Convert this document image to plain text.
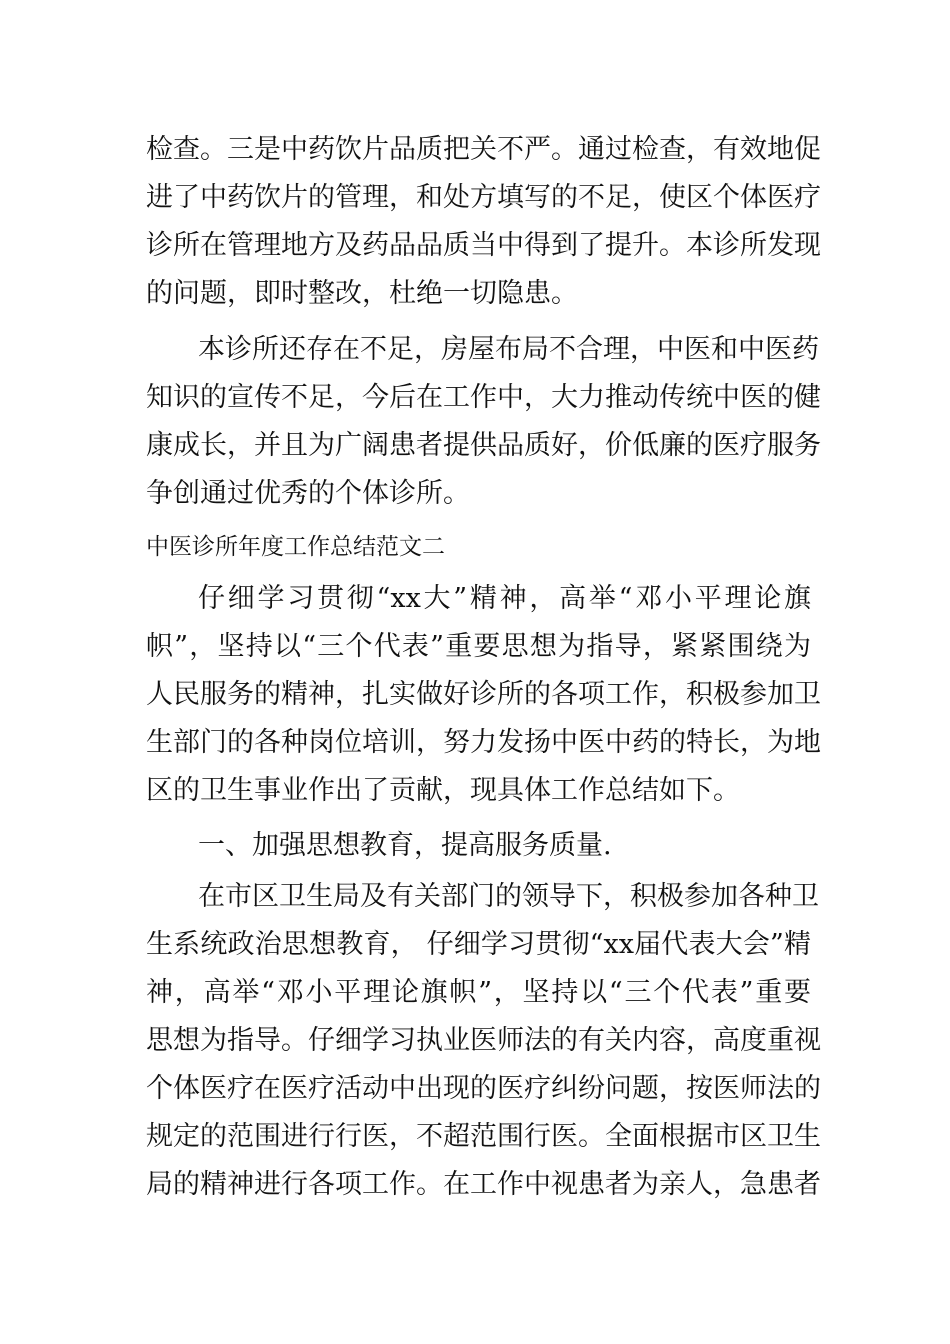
检查。三是中药饮片品质把关不严。通过检查，有效地促
进了中药饮片的管理，和处方填写的不足，使区个体医疗
诊所在管理地方及药品品质当中得到了提升。本诊所发现
的问题，即时整改，杜绝一切隐患。
本诊所还存在不足，房屋布局不合理，中医和中医药
知识的宣传不足，今后在工作中，大力推动传统中医的健
康成长，并且为广阔患者提供品质好，价低廉的医疗服务
争创通过优秀的个体诊所。
中医诊所年度工作总结范文二
仔细学习贯彻“xx大”精神，高举“邓小平理论旗
帜”，坚持以“三个代表”重要思想为指导，紧紧围绕为
人民服务的精神，扎实做好诊所的各项工作，积极参加卫
生部门的各种岗位培训，努力发扬中医中药的特长，为地
区的卫生事业作出了贡献，现具体工作总结如下。
一、加强思想教育，提高服务质量.
在市区卫生局及有关部门的领导下，积极参加各种卫
生系统政治思想教育， 仔细学习贯彻“xx届代表大会”精
神，高举“邓小平理论旗帜”，坚持以“三个代表”重要
思想为指导。仔细学习执业医师法的有关内容，高度重视
个体医疗在医疗活动中出现的医疗纠纷问题，按医师法的
规定的范围进行行医，不超范围行医。全面根据市区卫生
局的精神进行各项工作。在工作中视患者为亲人，急患者
